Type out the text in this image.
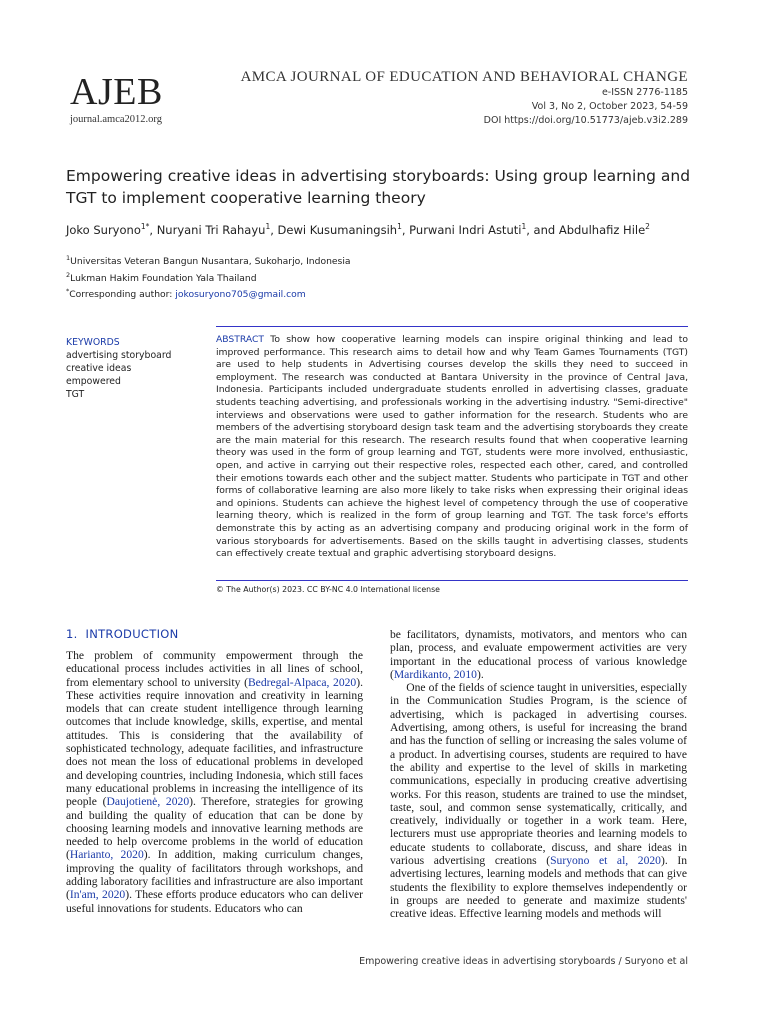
AJEB
journal.amca2012.org
AMCA JOURNAL OF EDUCATION AND BEHAVIORAL CHANGE
e-ISSN 2776-1185
Vol 3, No 2, October 2023, 54-59
DOI https://doi.org/10.51773/ajeb.v3i2.289
Empowering creative ideas in advertising storyboards: Using group learning and TGT to implement cooperative learning theory
Joko Suryono$^{1*}$, Nuryani Tri Rahayu$^1$, Dewi Kusumaningsih$^1$, Purwani Indri Astuti$^1$, and Abdulhafiz Hile$^2$
$^1$Universitas Veteran Bangun Nusantara, Sukoharjo, Indonesia
$^2$Lukman Hakim Foundation Yala Thailand
*Corresponding author: jokosuryono705@gmail.com
KEYWORDS
advertising storyboard
creative ideas
empowered
TGT

ABSTRACT To show how cooperative learning models can inspire original thinking and lead to improved performance. This research aims to detail how and why Team Games Tournaments (TGT) are used to help students in Advertising courses develop the skills they need to succeed in employment. The research was conducted at Bantara University in the province of Central Java, Indonesia. Participants included undergraduate students enrolled in advertising classes, graduate students teaching advertising, and professionals working in the advertising industry. "Semi-directive" interviews and observations were used to gather information for the research. Students who are members of the advertising storyboard design task team and the advertising storyboards they create are the main material for this research. The research results found that when cooperative learning theory was used in the form of group learning and TGT, students were more involved, enthusiastic, open, and active in carrying out their respective roles, respected each other, cared, and controlled their emotions towards each other and the subject matter. Students who participate in TGT and other forms of collaborative learning are also more likely to take risks when expressing their original ideas and opinions. Students can achieve the highest level of competency through the use of cooperative learning theory, which is realized in the form of group learning and TGT. The task force's efforts demonstrate this by acting as an advertising company and producing original work in the form of various storyboards for advertisements. Based on the skills taught in advertising classes, students can effectively create textual and graphic advertising storyboard designs.

© The Author(s) 2023. CC BY-NC 4.0 International license
1. INTRODUCTION

The problem of community empowerment through the educational process includes activities in all lines of school, from elementary school to university (Bedregal-Alpaca, 2020). These activities require innovation and creativity in learning models that can create student intelligence through learning outcomes that include knowledge, skills, expertise, and mental attitudes. This is considering that the availability of sophisticated technology, adequate facilities, and infrastructure does not mean the loss of educational problems in developed and developing countries, including Indonesia, which still faces many educational problems in increasing the intelligence of its people (Daujotienė, 2020). Therefore, strategies for growing and building the quality of education that can be done by choosing learning models and innovative learning methods are needed to help overcome problems in the world of education (Harianto, 2020). In addition, making curriculum changes, improving the quality of facilitators through workshops, and adding laboratory facilities and infrastructure are also important (In'am, 2020). These efforts produce educators who can deliver useful innovations for students. Educators who can

be facilitators, dynamists, motivators, and mentors who can plan, process, and evaluate empowerment activities are very important in the educational process of various knowledge (Mardikanto, 2010).

One of the fields of science taught in universities, especially in the Communication Studies Program, is the science of advertising, which is packaged in advertising courses. Advertising, among others, is useful for increasing the brand and has the function of selling or increasing the sales volume of a product. In advertising courses, students are required to have the ability and expertise to the level of skills in marketing communications, especially in producing creative advertising works. For this reason, students are trained to use the mindset, taste, soul, and common sense systematically, critically, and creatively, individually or together in a work team. Here, lecturers must use appropriate theories and learning models to educate students to collaborate, discuss, and share ideas in various advertising creations (Suryono et al, 2020). In advertising lectures, learning models and methods that can give students the flexibility to explore themselves independently or in groups are needed to generate and maximize students' creative ideas. Effective learning models and methods will

Empowering creative ideas in advertising storyboards / Suryono et al
